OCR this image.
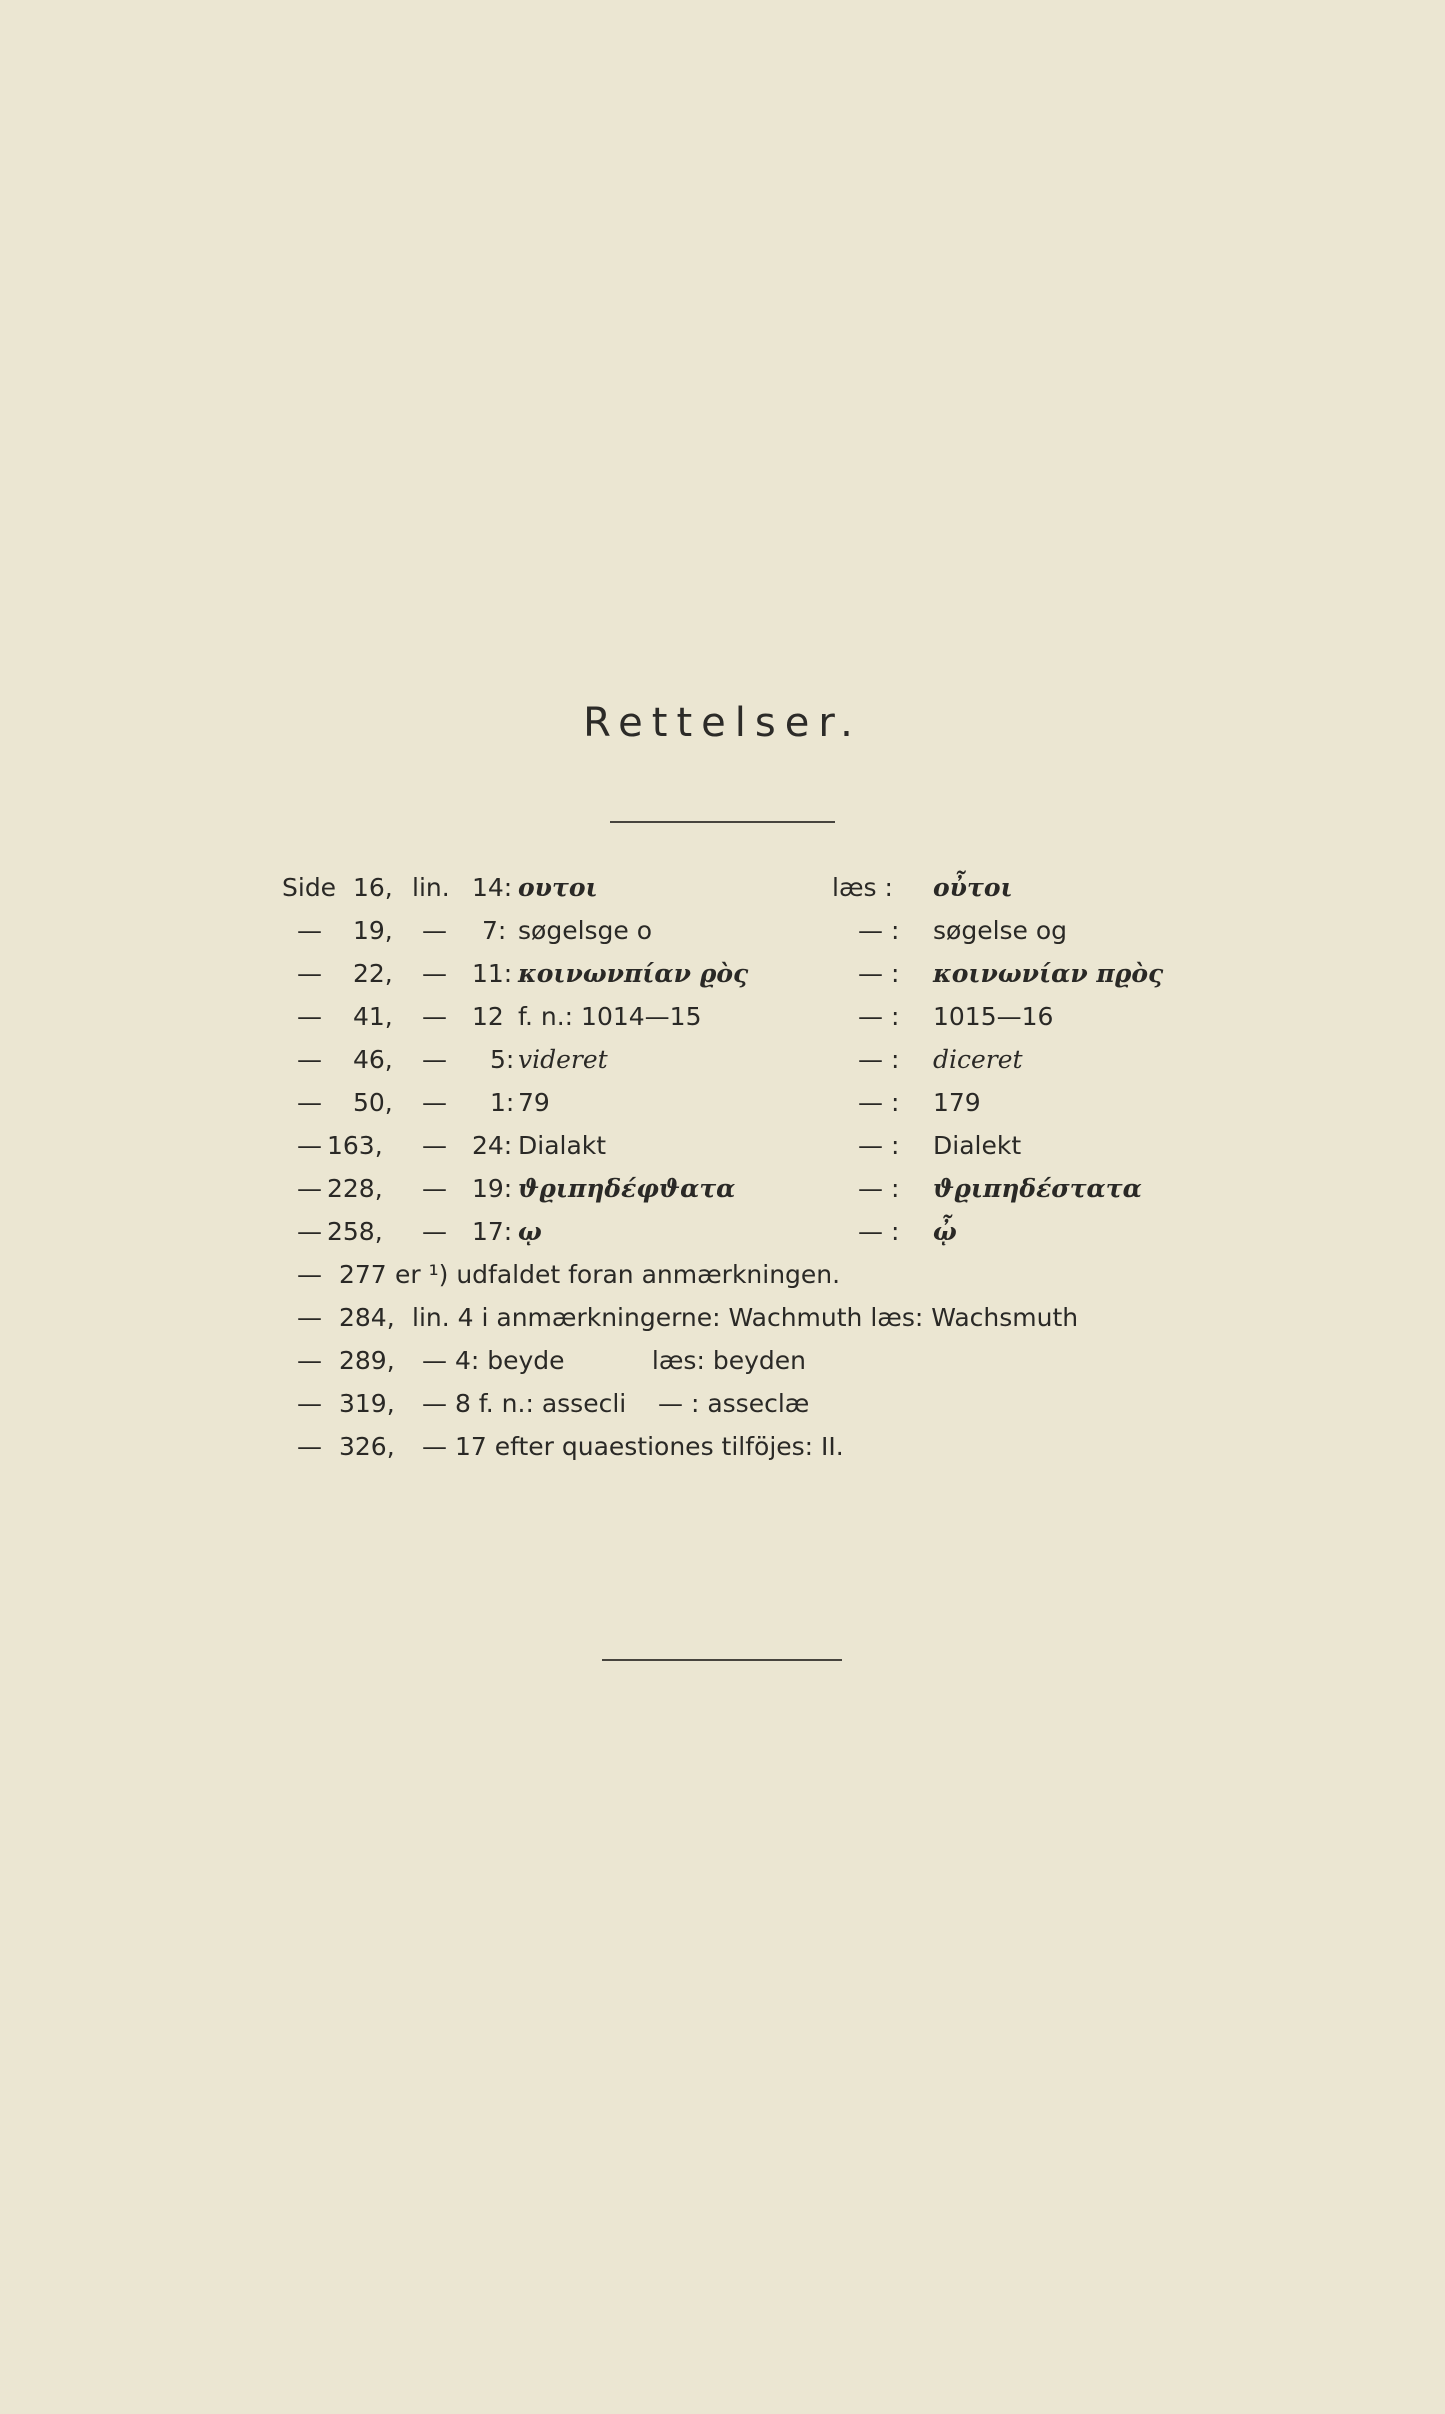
Rettelser.
Side 16, lin. 14: ουτοι	læs : οὖτοι
— 19, — 7: søgelsge o	— : søgelse og
— 22, — 11: κοινωνπίαν ϱὸς	— : κοινωνίαν πϱὸς
— 41, — 12 f. n.: 1014—15	— : 1015—16
— 46, — 5: videret	— : diceret
— 50, — 1: 79	— : 179
— 163, — 24: Dialakt	— : Dialekt
— 228, — 19: ϑϱιπηδέφϑατα	— : ϑϱιπηδέστατα
— 258, — 17: ῳ	— : ᾦ
— 277 er ¹) udfaldet foran anmærkningen.
— 284, lin. 4 i anmærkningerne: Wachmuth læs: Wachsmuth
— 289, — 4: beyde           læs: beyden
— 319, — 8 f. n.: assecli    — : asseclæ
— 326, — 17 efter quaestiones tilföjes: II.
